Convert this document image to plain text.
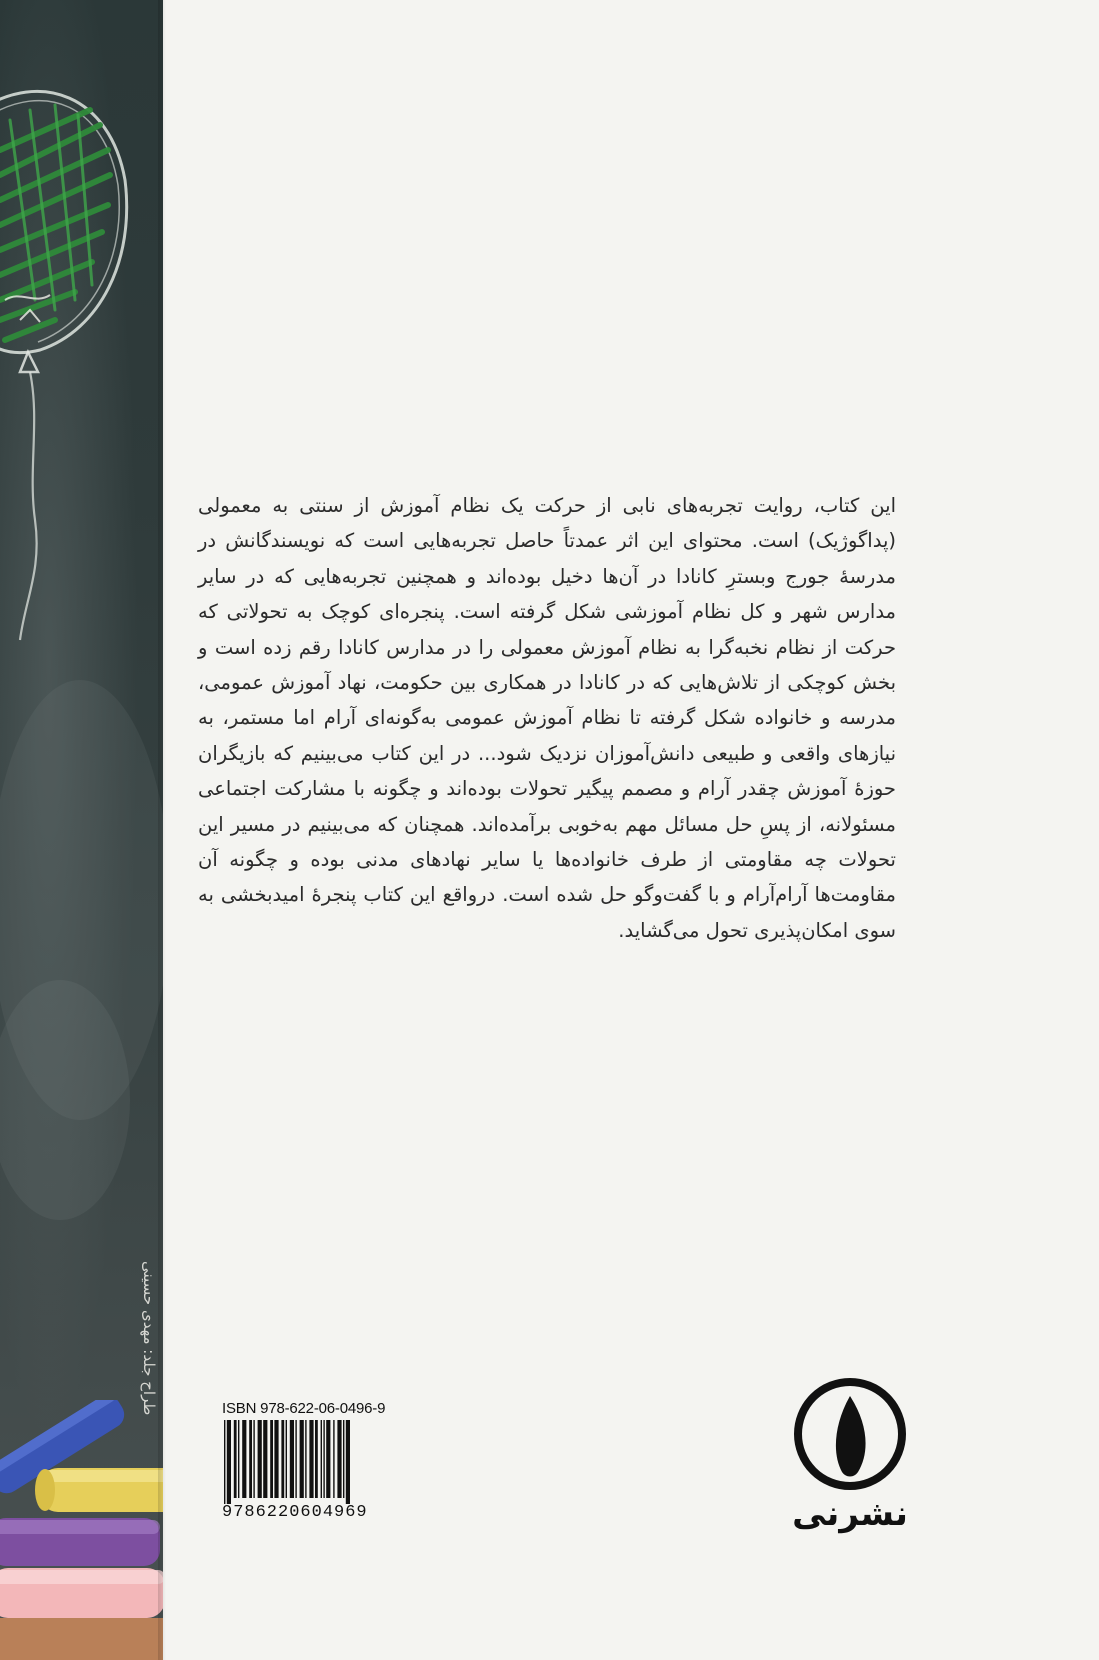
طراح جلد: مهدی حسینی

این کتاب، روایت تجربه‌های نابی از حرکت یک نظام آموزش از سنتی به معمولی (پداگوژیک) است. محتوای این اثر عمدتاً حاصل تجربه‌هایی است که نویسندگانش در مدرسهٔ جورج وبسترِ کانادا در آن‌ها دخیل بوده‌اند و همچنین تجربه‌هایی که در سایر مدارس شهر و کل نظام آموزشی شکل گرفته است. پنجره‌ای کوچک به تحولاتی که حرکت از نظام نخبه‌گرا به نظام آموزش معمولی را در مدارس کانادا رقم زده است و بخش کوچکی از تلاش‌هایی که در کانادا در همکاری بین حکومت، نهاد آموزش عمومی، مدرسه و خانواده شکل گرفته تا نظام آموزش عمومی به‌گونه‌ای آرام اما مستمر، به نیازهای واقعی و طبیعی دانش‌آموزان نزدیک شود... در این کتاب می‌بینیم که بازیگران حوزهٔ آموزش چقدر آرام و مصمم پیگیر تحولات بوده‌اند و چگونه با مشارکت اجتماعی مسئولانه، از پسِ حل مسائل مهم به‌خوبی برآمده‌اند. همچنان که می‌بینیم در مسیر این تحولات چه مقاومتی از طرف خانواده‌ها یا سایر نهادهای مدنی بوده و چگونه آن مقاومت‌ها آرام‌آرام و با گفت‌وگو حل شده است. درواقع این کتاب پنجرهٔ امیدبخشی به سوی امکان‌پذیری تحول می‌گشاید.

ISBN 978-622-06-0496-9
9786220604969	نشرنی
